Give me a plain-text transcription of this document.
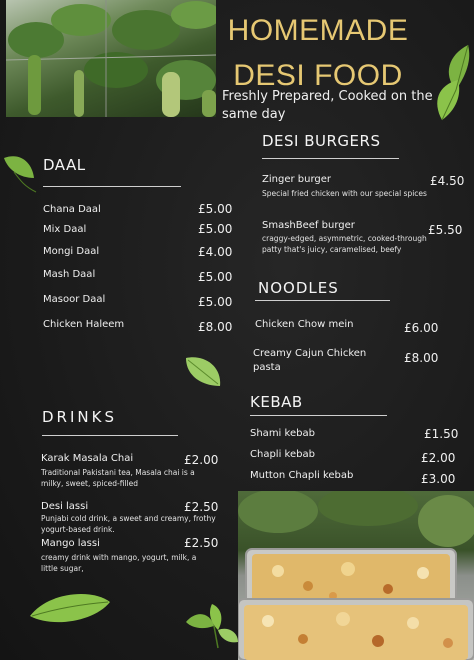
HOMEMADE
DESI FOOD
Freshly Prepared, Cooked on the same day
DAAL
Chana Daal	£5.00
Mix Daal	£5.00
Mongi Daal	£4.00
Mash Daal	£5.00
Masoor Daal	£5.00
Chicken Haleem	£8.00
DRINKS
Karak Masala Chai	£2.00
Traditional Pakistani tea, Masala chai is a milky, sweet, spiced-filled
Desi lassi	£2.50
Punjabi cold drink, a sweet and creamy, frothy yogurt-based drink.
Mango lassi	£2.50
creamy drink with mango, yogurt, milk, a little sugar,
DESI BURGERS
Zinger burger	£4.50
Special fried chicken with our special spices
SmashBeef burger	£5.50
craggy-edged, asymmetric, cooked-through patty that's juicy, caramelised, beefy
NOODLES
Chicken Chow mein	£6.00
Creamy Cajun Chicken pasta
£8.00
KEBAB
Shami kebab	£1.50
Chapli kebab	£2.00
Mutton Chapli kebab	£3.00
